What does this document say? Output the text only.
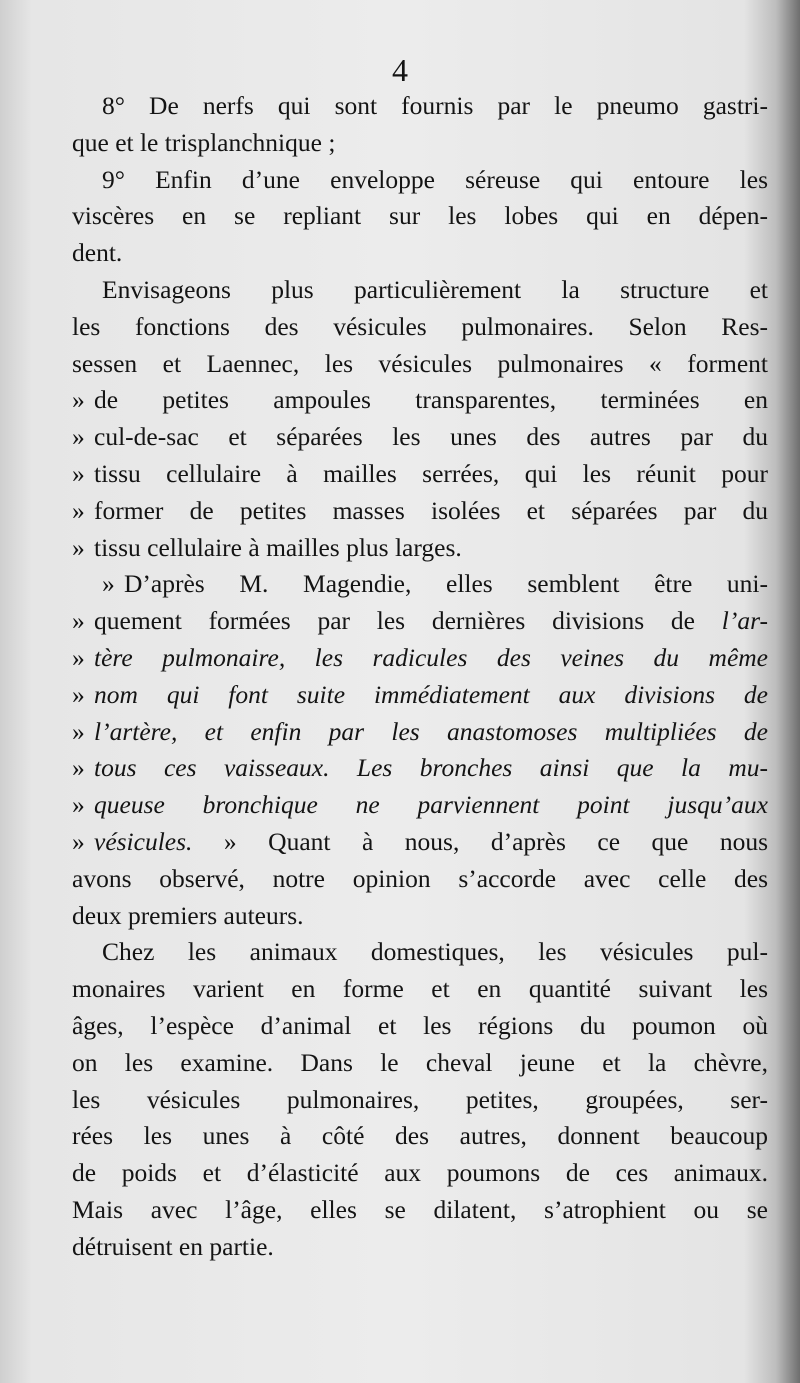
4
8° De nerfs qui sont fournis par le pneumo gastri-
que et le trisplanchnique ;
9° Enfin d’une enveloppe séreuse qui entoure les
viscères en se repliant sur les lobes qui en dépen-
dent.
Envisageons plus particulièrement la structure et
les fonctions des vésicules pulmonaires. Selon Res-
sessen et Laennec, les vésicules pulmonaires « forment
» de petites ampoules transparentes, terminées en
» cul-de-sac et séparées les unes des autres par du
» tissu cellulaire à mailles serrées, qui les réunit pour
» former de petites masses isolées et séparées par du
» tissu cellulaire à mailles plus larges.
» D’après M. Magendie, elles semblent être uni-
» quement formées par les dernières divisions de l’ar-
» tère pulmonaire, les radicules des veines du même
» nom qui font suite immédiatement aux divisions de
» l’artère, et enfin par les anastomoses multipliées de
» tous ces vaisseaux. Les bronches ainsi que la mu-
» queuse bronchique ne parviennent point jusqu’aux
» vésicules. » Quant à nous, d’après ce que nous
avons observé, notre opinion s’accorde avec celle des
deux premiers auteurs.
Chez les animaux domestiques, les vésicules pul-
monaires varient en forme et en quantité suivant les
âges, l’espèce d’animal et les régions du poumon où
on les examine. Dans le cheval jeune et la chèvre,
les vésicules pulmonaires, petites, groupées, ser-
rées les unes à côté des autres, donnent beaucoup
de poids et d’élasticité aux poumons de ces animaux.
Mais avec l’âge, elles se dilatent, s’atrophient ou se
détruisent en partie.
